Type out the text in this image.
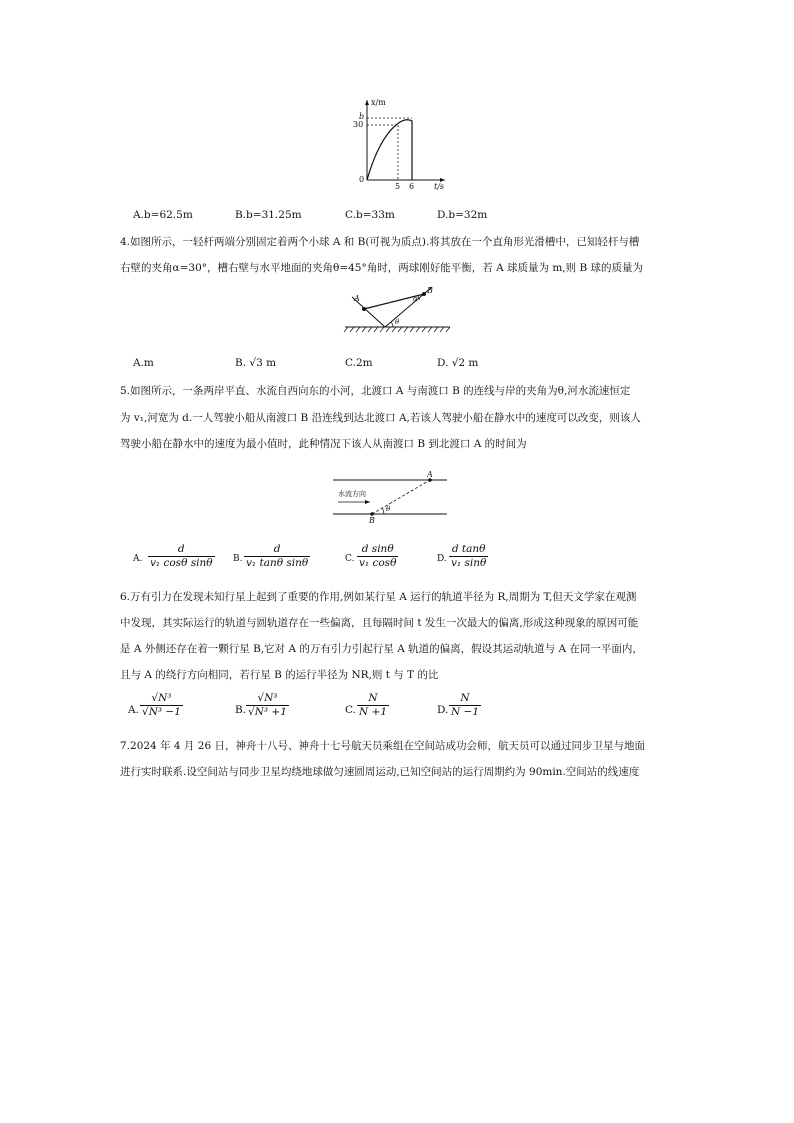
x/m
b
30
0
5 6 t/s
A.b=62.5m	B.b=31.25m	C.b=33m	D.b=32m
4.如图所示，一轻杆两端分别固定着两个小球 A 和 B(可视为质点).将其放在一个直角形光滑槽中，已知轻杆与槽
右壁的夹角α=30°，槽右壁与水平地面的夹角θ=45°角时，两球刚好能平衡，若 A 球质量为 m,则 B 球的质量为
A
B
α
θ
A.m	B. √3 m	C.2m	D. √2 m
5.如图所示，一条两岸平直、水流自西向东的小河，北渡口 A 与南渡口 B 的连线与岸的夹角为θ,河水流速恒定
为 v₁,河宽为 d.一人驾驶小船从南渡口 B 沿连线到达北渡口 A,若该人驾驶小船在静水中的速度可以改变，则该人
驾驶小船在静水中的速度为最小值时，此种情况下该人从南渡口 B 到北渡口 A 的时间为
A
B
水流方向
θ
A. $\frac{d}{\text{v₁ cosθ sinθ}} B$. $\frac{d}{\text{v₁ tanθ sinθ}}$	C. $\frac{\text{d sinθ}}{\text{v₁ cosθ}}$	D. $\frac{\text{d tanθ}}{\text{v₁ sinθ}}$
6.万有引力在发现未知行星上起到了重要的作用,例如某行星 A 运行的轨道半径为 R,周期为 T,但天文学家在观测
中发现，其实际运行的轨道与圆轨道存在一些偏离，且每隔时间 t 发生一次最大的偏离,形成这种现象的原因可能
是 A 外侧还存在着一颗行星 B,它对 A 的万有引力引起行星 A 轨道的偏离，假设其运动轨道与 A 在同一平面内，
且与 A 的绕行方向相同，若行星 B 的运行半径为 NR,则 t 与 T 的比
A. $\frac{\text{√N³}}{\text{√N³ −1}}$	B. $\frac{\text{√N³}}{\text{√N³ +1}}$	C. $\frac{N}{N +1}$	D. $\frac{N}{N -1}$
7.2024 年 4 月 26 日，神舟十八号、神舟十七号航天员乘组在空间站成功会师，航天员可以通过同步卫星与地面
进行实时联系.设空间站与同步卫星均绕地球做匀速圆周运动,已知空间站的运行周期约为 90min.空间站的线速度
